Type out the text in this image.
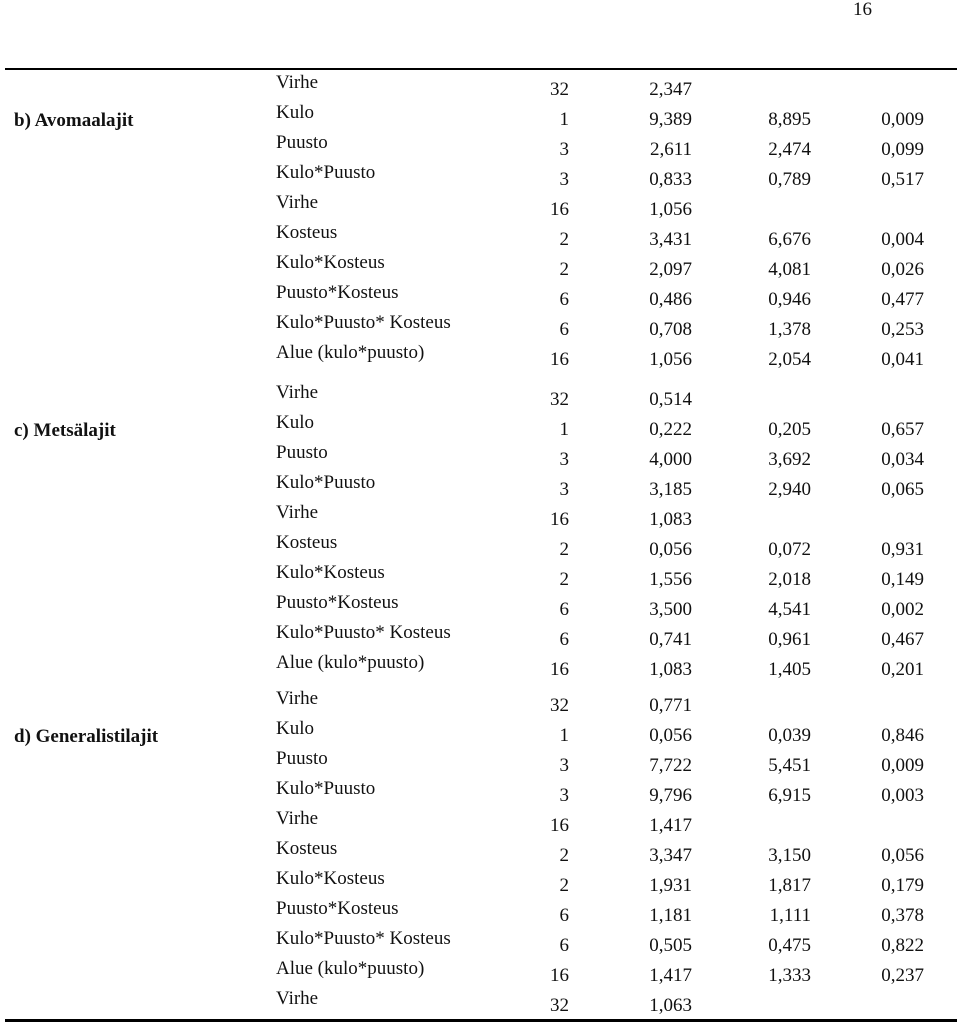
16
Virhe	32	2,347
b) Avomaalajit	Kulo	1	9,389	8,895	0,009
Puusto	3	2,611	2,474	0,099
Kulo*Puusto	3	0,833	0,789	0,517
Virhe	16	1,056
Kosteus	2	3,431	6,676	0,004
Kulo*Kosteus	2	2,097	4,081	0,026
Puusto*Kosteus	6	0,486	0,946	0,477
Kulo*Puusto* Kosteus	6	0,708	1,378	0,253
Alue (kulo*puusto)	16	1,056	2,054	0,041
Virhe	32	0,514
c) Metsälajit	Kulo	1	0,222	0,205	0,657
Puusto	3	4,000	3,692	0,034
Kulo*Puusto	3	3,185	2,940	0,065
Virhe	16	1,083
Kosteus	2	0,056	0,072	0,931
Kulo*Kosteus	2	1,556	2,018	0,149
Puusto*Kosteus	6	3,500	4,541	0,002
Kulo*Puusto* Kosteus	6	0,741	0,961	0,467
Alue (kulo*puusto)	16	1,083	1,405	0,201
Virhe	32	0,771
d) Generalistilajit	Kulo	1	0,056	0,039	0,846
Puusto	3	7,722	5,451	0,009
Kulo*Puusto	3	9,796	6,915	0,003
Virhe	16	1,417
Kosteus	2	3,347	3,150	0,056
Kulo*Kosteus	2	1,931	1,817	0,179
Puusto*Kosteus	6	1,181	1,111	0,378
Kulo*Puusto* Kosteus	6	0,505	0,475	0,822
Alue (kulo*puusto)	16	1,417	1,333	0,237
Virhe	32	1,063
